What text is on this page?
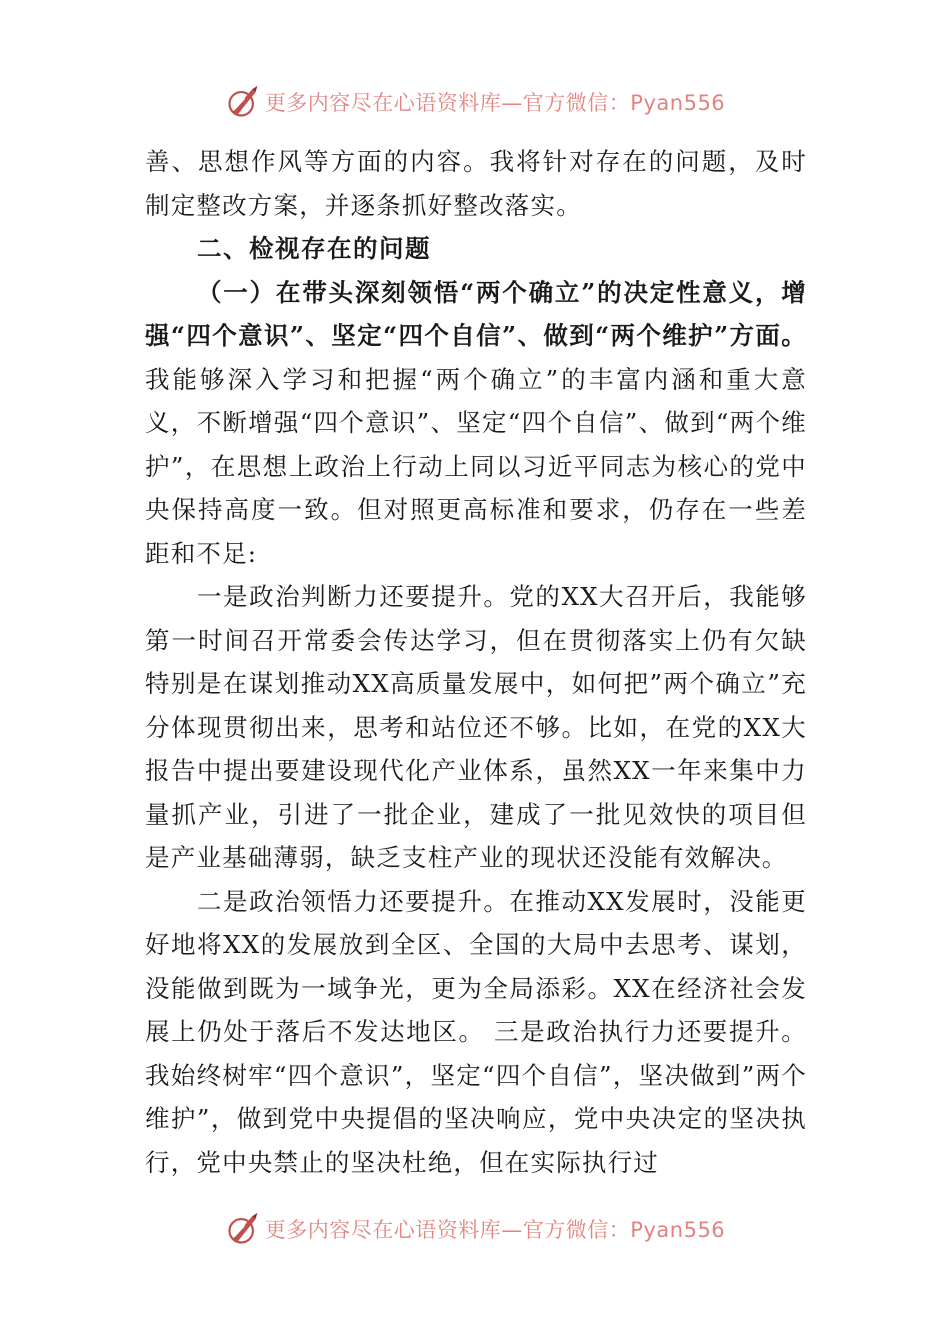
更多内容尽在心语资料库—官方微信：Pyan556

善、思想作风等方面的内容。我将针对存在的问题，及时制定整改方案，并逐条抓好整改落实。

二、检视存在的问题

（一）在带头深刻领悟“两个确立”的决定性意义，增强“四个意识”、坚定“四个自信”、做到“两个维护”方面。我能够深入学习和把握“两个确立”的丰富内涵和重大意义，不断增强“四个意识”、坚定“四个自信”、做到“两个维护”，在思想上政治上行动上同以习近平同志为核心的党中央保持高度一致。但对照更高标准和要求，仍存在一些差距和不足:

一是政治判断力还要提升。党的XX大召开后，我能够第一时间召开常委会传达学习，但在贯彻落实上仍有欠缺特别是在谋划推动XX高质量发展中，如何把”两个确立”充分体现贯彻出来，思考和站位还不够。比如，在党的XX大报告中提出要建设现代化产业体系，虽然XX一年来集中力量抓产业，引进了一批企业，建成了一批见效快的项目但是产业基础薄弱，缺乏支柱产业的现状还没能有效解决。

二是政治领悟力还要提升。在推动XX发展时，没能更好地将XX的发展放到全区、全国的大局中去思考、谋划，没能做到既为一域争光，更为全局添彩。XX在经济社会发展上仍处于落后不发达地区。 三是政治执行力还要提升。我始终树牢“四个意识”，坚定“四个自信”，坚决做到”两个维护”，做到党中央提倡的坚决响应，党中央决定的坚决执行，党中央禁止的坚决杜绝，但在实际执行过

更多内容尽在心语资料库—官方微信：Pyan556
